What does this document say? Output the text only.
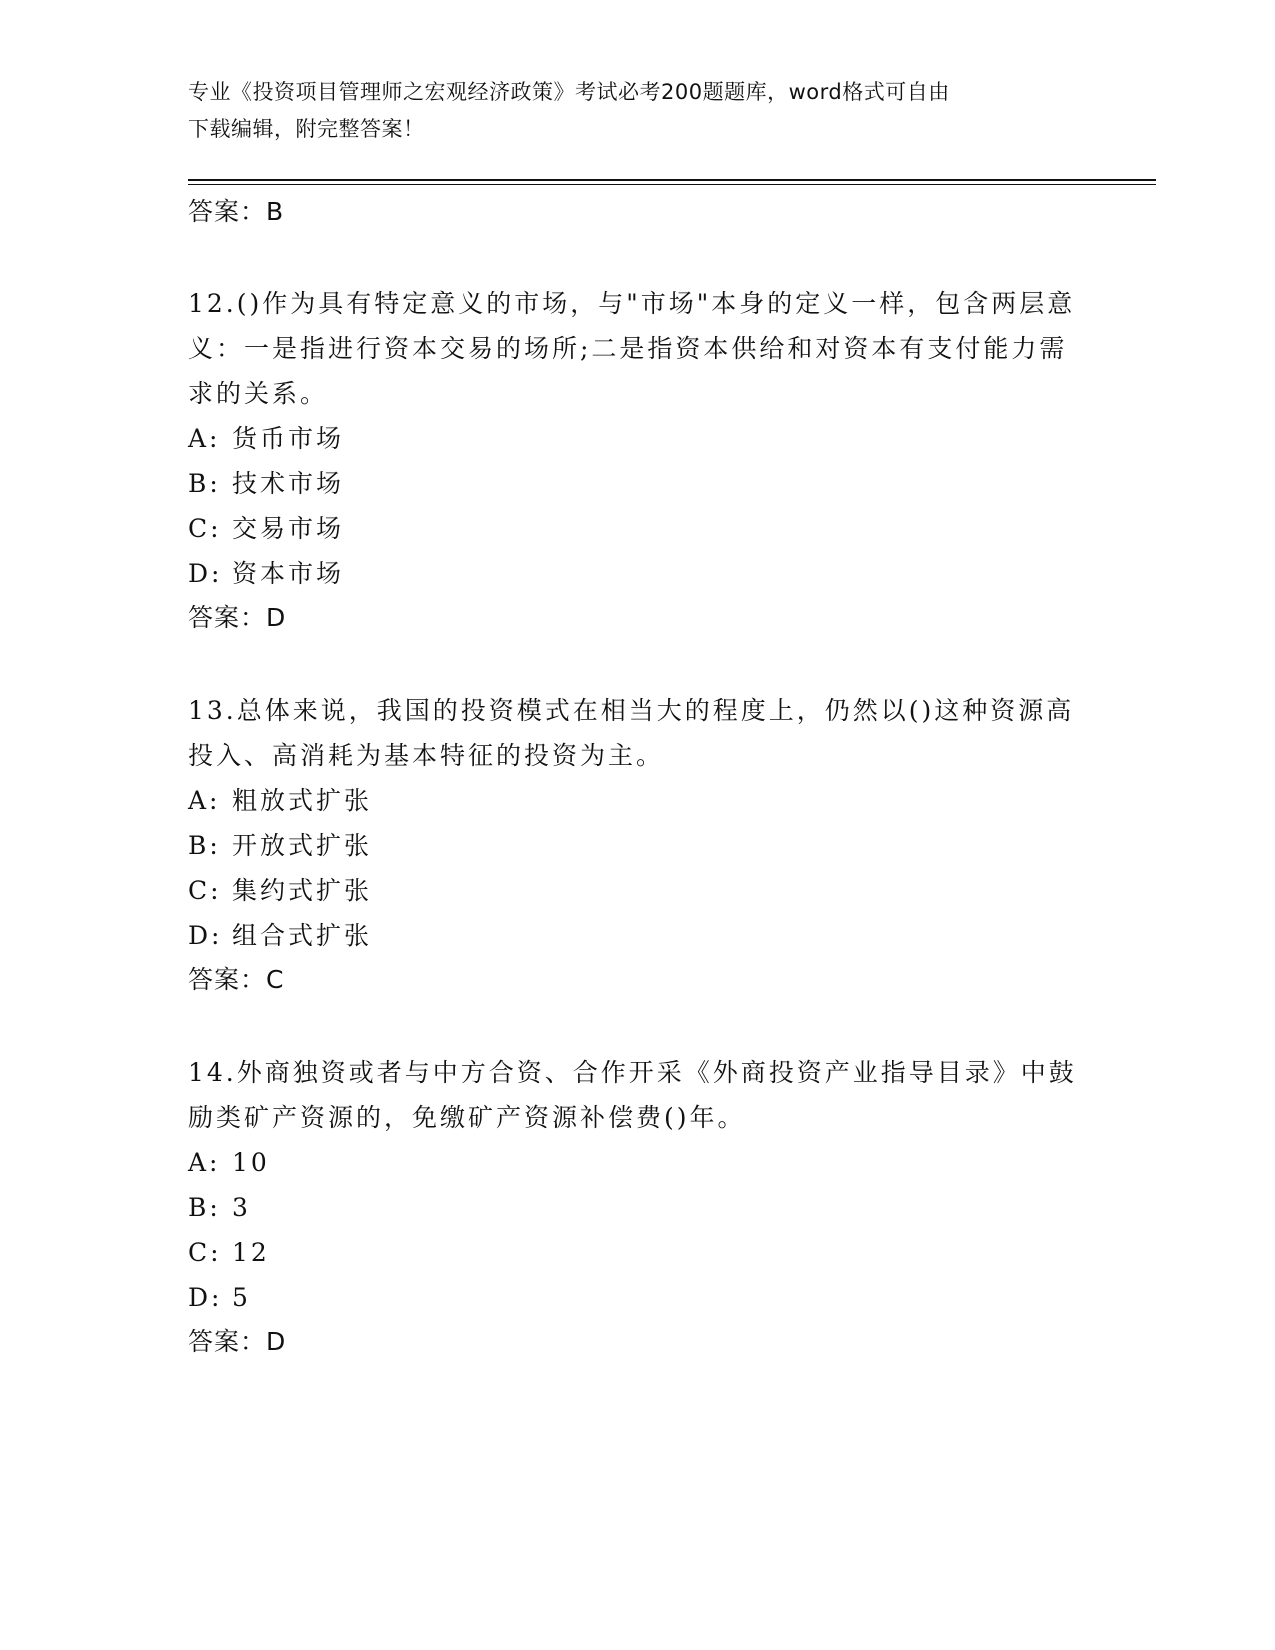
专业《投资项目管理师之宏观经济政策》考试必考200题题库，word格式可自由
下载编辑，附完整答案！
答案：B
12.()作为具有特定意义的市场，与"市场"本身的定义一样，包含两层意义：一是指进行资本交易的场所;二是指资本供给和对资本有支付能力需求的关系。
A: 货币市场
B: 技术市场
C: 交易市场
D: 资本市场
答案：D
13.总体来说，我国的投资模式在相当大的程度上，仍然以()这种资源高投入、高消耗为基本特征的投资为主。
A: 粗放式扩张
B: 开放式扩张
C: 集约式扩张
D: 组合式扩张
答案：C
14.外商独资或者与中方合资、合作开采《外商投资产业指导目录》中鼓励类矿产资源的，免缴矿产资源补偿费()年。
A: 10
B: 3
C: 12
D: 5
答案：D
